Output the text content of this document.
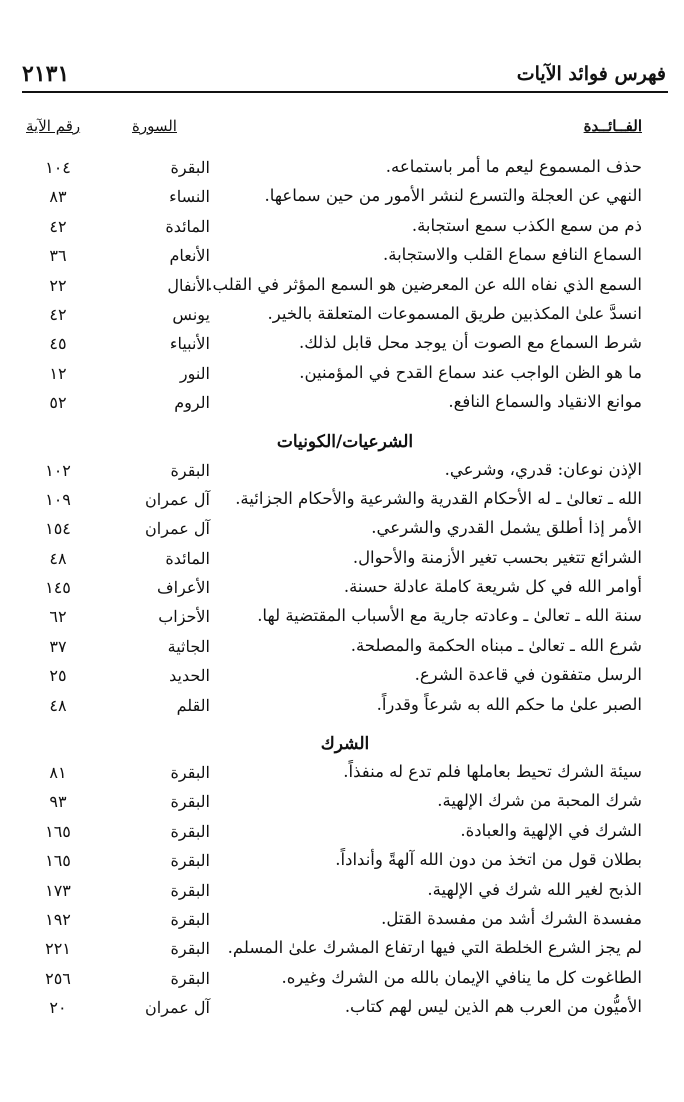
فهرس فوائد الآيات
٢١٣١
الفــائــدة
السورة
رقم الآية
حذف المسموع ليعم ما أمر باستماعه.
البقرة
١٠٤
النهي عن العجلة والتسرع لنشر الأمور من حين سماعها.
النساء
٨٣
ذم من سمع الكذب سمع استجابة.
المائدة
٤٢
السماع النافع سماع القلب والاستجابة.
الأنعام
٣٦
السمع الذي نفاه الله عن المعرضين هو السمع المؤثر في القلب.
الأنفال
٢٢
انسدَّ علىٰ المكذبين طريق المسموعات المتعلقة بالخير.
يونس
٤٢
شرط السماع مع الصوت أن يوجد محل قابل لذلك.
الأنبياء
٤٥
ما هو الظن الواجب عند سماع القدح في المؤمنين.
النور
١٢
موانع الانقياد والسماع النافع.
الروم
٥٢
الشرعيات/الكونيات
الإذن نوعان: قدري، وشرعي.
البقرة
١٠٢
الله ـ تعالىٰ ـ له الأحكام القدرية والشرعية والأحكام الجزائية.
آل عمران
١٠٩
الأمر إذا أطلق يشمل القدري والشرعي.
آل عمران
١٥٤
الشرائع تتغير بحسب تغير الأزمنة والأحوال.
المائدة
٤٨
أوامر الله في كل شريعة كاملة عادلة حسنة.
الأعراف
١٤٥
سنة الله ـ تعالىٰ ـ وعادته جارية مع الأسباب المقتضية لها.
الأحزاب
٦٢
شرع الله ـ تعالىٰ ـ مبناه الحكمة والمصلحة.
الجاثية
٣٧
الرسل متفقون في قاعدة الشرع.
الحديد
٢٥
الصبر علىٰ ما حكم الله به شرعاً وقدراً.
القلم
٤٨
الشرك
سيئة الشرك تحيط بعاملها فلم تدع له منفذاً.
البقرة
٨١
شرك المحبة من شرك الإلهية.
البقرة
٩٣
الشرك في الإلهية والعبادة.
البقرة
١٦٥
بطلان قول من اتخذ من دون الله آلهةً وأنداداً.
البقرة
١٦٥
الذبح لغير الله شرك في الإلهية.
البقرة
١٧٣
مفسدة الشرك أشد من مفسدة القتل.
البقرة
١٩٢
لم يجز الشرع الخلطة التي فيها ارتفاع المشرك علىٰ المسلم.
البقرة
٢٢١
الطاغوت كل ما ينافي الإيمان بالله من الشرك وغيره.
البقرة
٢٥٦
الأميُّون من العرب هم الذين ليس لهم كتاب.
آل عمران
٢٠
